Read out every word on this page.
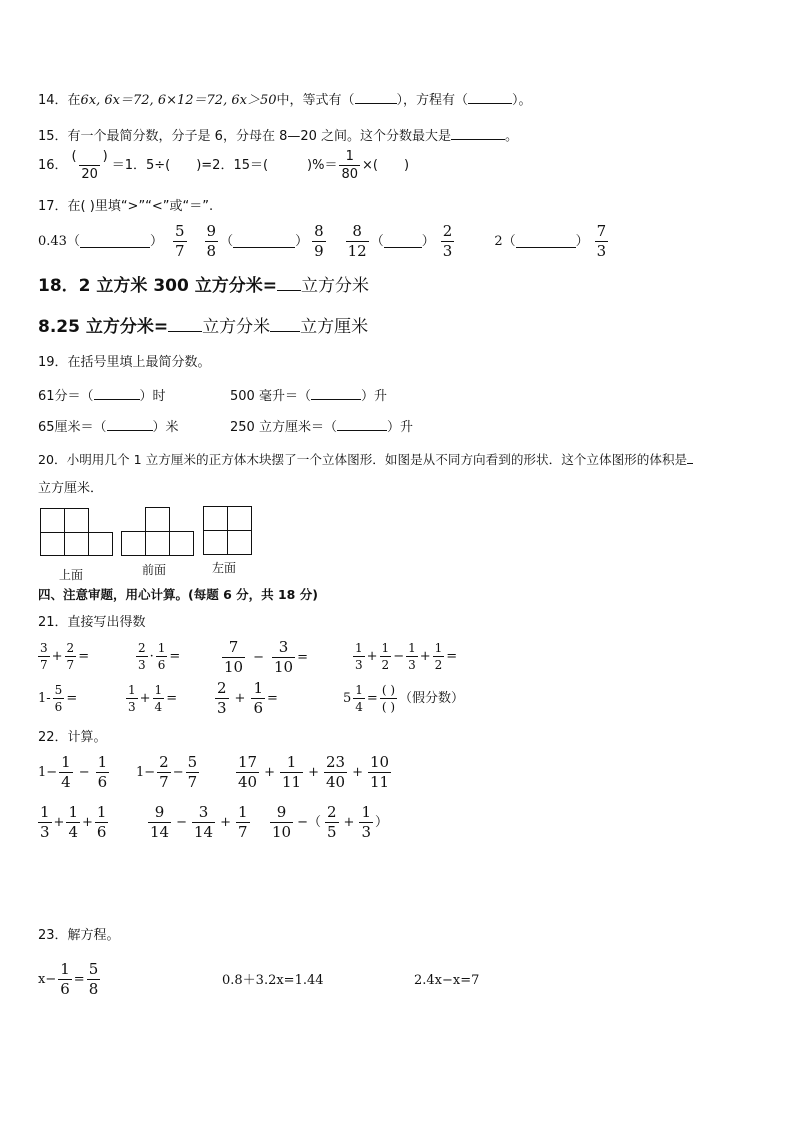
14．在6x, 6x＝72, 6×12＝72, 6x＞50中，等式有（	），方程有（	）。
15．有一个最简分数，分子是 6，分母在 8—20 之间。这个分数最大是	。
16． $\frac{( )}{20} =1$．5÷(　　)=2．15＝(　　　)%＝ $\frac{1}{80}$ ×(　　)
17．在( )里填“>”“<”或“＝”.
0.43（	） $\frac{5}{7} \frac{9}{8}$ （	） $\frac{8}{9} \frac{8}{12}$ （	） $\frac{2}{3}$	2（	） $\frac{7}{3}$
18．2 立方米 300 立方分米= 立方分米
8.25 立方分米= 立方分米 立方厘米
19．在括号里填上最简分数。
61分＝（	）时	500 毫升＝（	）升
65厘米＝（	）米	250 立方厘米＝（	）升
20．小明用几个 1 立方厘米的正方体木块摆了一个立体图形．如图是从不同方向看到的形状．这个立体图形的体积是
立方厘米．
上面	前面	左面
四、注意审题，用心计算。(每题 6 分，共 18 分)
21．直接写出得数
$\frac{3}{7} + \frac{2}{7}$ =	$\frac{2}{3} \cdot \frac{1}{6}$ =	$\frac{7}{10} - \frac{3}{10}$ =	$\frac{1}{3} + \frac{1}{2} - \frac{1}{3} + \frac{1}{2}$ =
$1- \frac{5}{6}$ =	$\frac{1}{3} + \frac{1}{4}$ =	$\frac{2}{3} + \frac{1}{6}$ =	$5 \frac{1}{4} = \frac{( )}{( )}$ （假分数）
22．计算。
$1- \frac{1}{4} - \frac{1}{6} 1- \frac{2}{7} - \frac{5}{7} \frac{17}{40} + \frac{1}{11} + \frac{23}{40} + \frac{10}{11}$
$\frac{1}{3} + \frac{1}{4} + \frac{1}{6}$	$\frac{9}{14} - \frac{3}{14} + \frac{1}{7} \frac{9}{10}$ −（ $\frac{2}{5} + \frac{1}{3}$ ）
23．解方程。
$x- \frac{1}{6} = \frac{5}{8}$	0.8＋3.2x=1.44	2.4x−x=7
